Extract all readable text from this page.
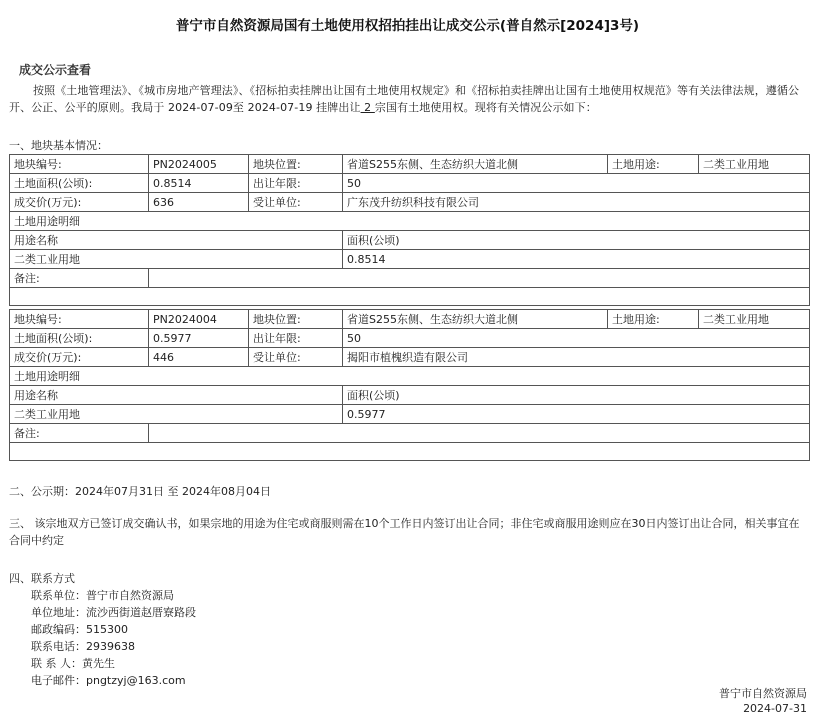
普宁市自然资源局国有土地使用权招拍挂出让成交公示(普自然示[2024]3号)
成交公示查看
按照《土地管理法》、《城市房地产管理法》、《招标拍卖挂牌出让国有土地使用权规定》和《招标拍卖挂牌出让国有土地使用权规范》等有关法律法规，遵循公开、公正、公平的原则。我局于 2024-07-09至 2024-07-19 挂牌出让 2 宗国有土地使用权。现将有关情况公示如下：
一、地块基本情况：
地块编号:	PN2024005	地块位置:	省道S255东侧、生态纺织大道北侧	土地用途:	二类工业用地
土地面积(公顷):	0.8514	出让年限:	50		
成交价(万元):	636	受让单位:	广东茂升纺织科技有限公司		
土地用途明细					
用途名称			面积(公顷)		
二类工业用地			0.8514		
备注:					

地块编号:	PN2024004	地块位置:	省道S255东侧、生态纺织大道北侧	土地用途:	二类工业用地
土地面积(公顷):	0.5977	出让年限:	50		
成交价(万元):	446	受让单位:	揭阳市植槐织造有限公司		
土地用途明细					
用途名称			面积(公顷)		
二类工业用地			0.5977		
备注:					

二、公示期：2024年07月31日 至 2024年08月04日
三、 该宗地双方已签订成交确认书，如果宗地的用途为住宅或商服则需在10个工作日内签订出让合同；非住宅或商服用途则应在30日内签订出让合同，相关事宜在合同中约定
四、联系方式
联系单位：普宁市自然资源局
单位地址：流沙西街道赵厝寮路段
邮政编码：515300
联系电话：2939638
联 系 人：黄先生
电子邮件：pngtzyj@163.com
普宁市自然资源局
2024-07-31
